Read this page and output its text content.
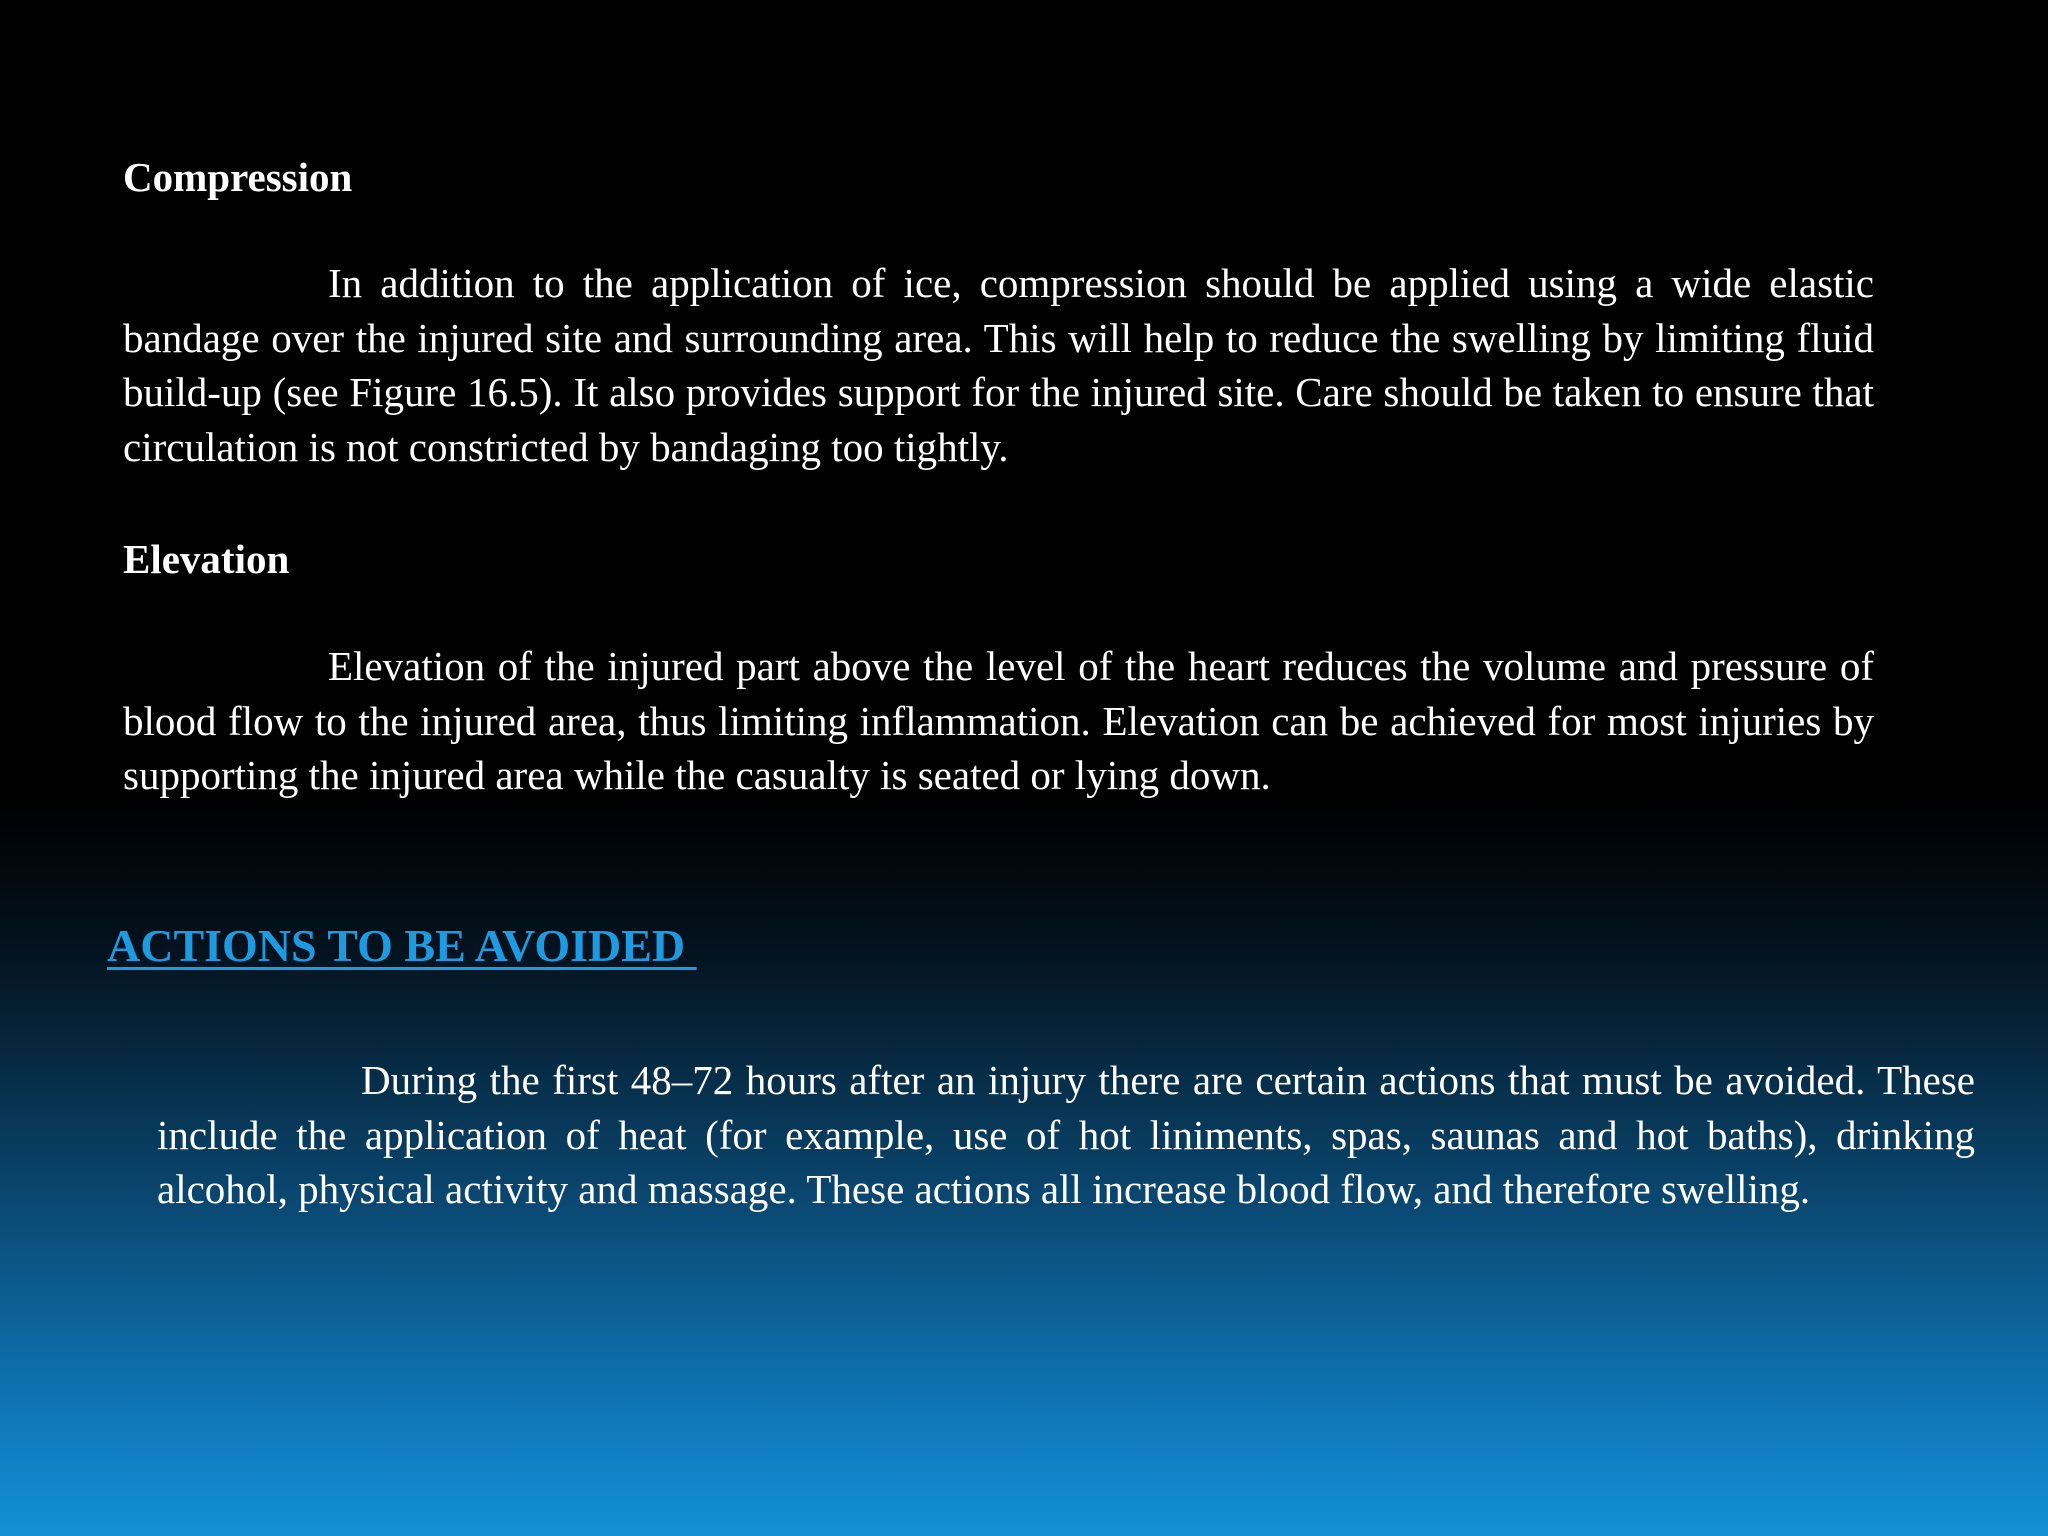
Compression

In addition to the application of ice, compression should be applied using a wide elastic bandage over the injured site and surrounding area. This will help to reduce the swelling by limiting fluid build-up (see Figure 16.5). It also provides support for the injured site. Care should be taken to ensure that circulation is not constricted by bandaging too tightly.

Elevation

Elevation of the injured part above the level of the heart reduces the volume and pressure of blood flow to the injured area, thus limiting inflammation. Elevation can be achieved for most injuries by supporting the injured area while the casualty is seated or lying down.

ACTIONS TO BE AVOIDED

During the first 48–72 hours after an injury there are certain actions that must be avoided. These include the application of heat (for example, use of hot liniments, spas, saunas and hot baths), drinking alcohol, physical activity and massage. These actions all increase blood flow, and therefore swelling.
